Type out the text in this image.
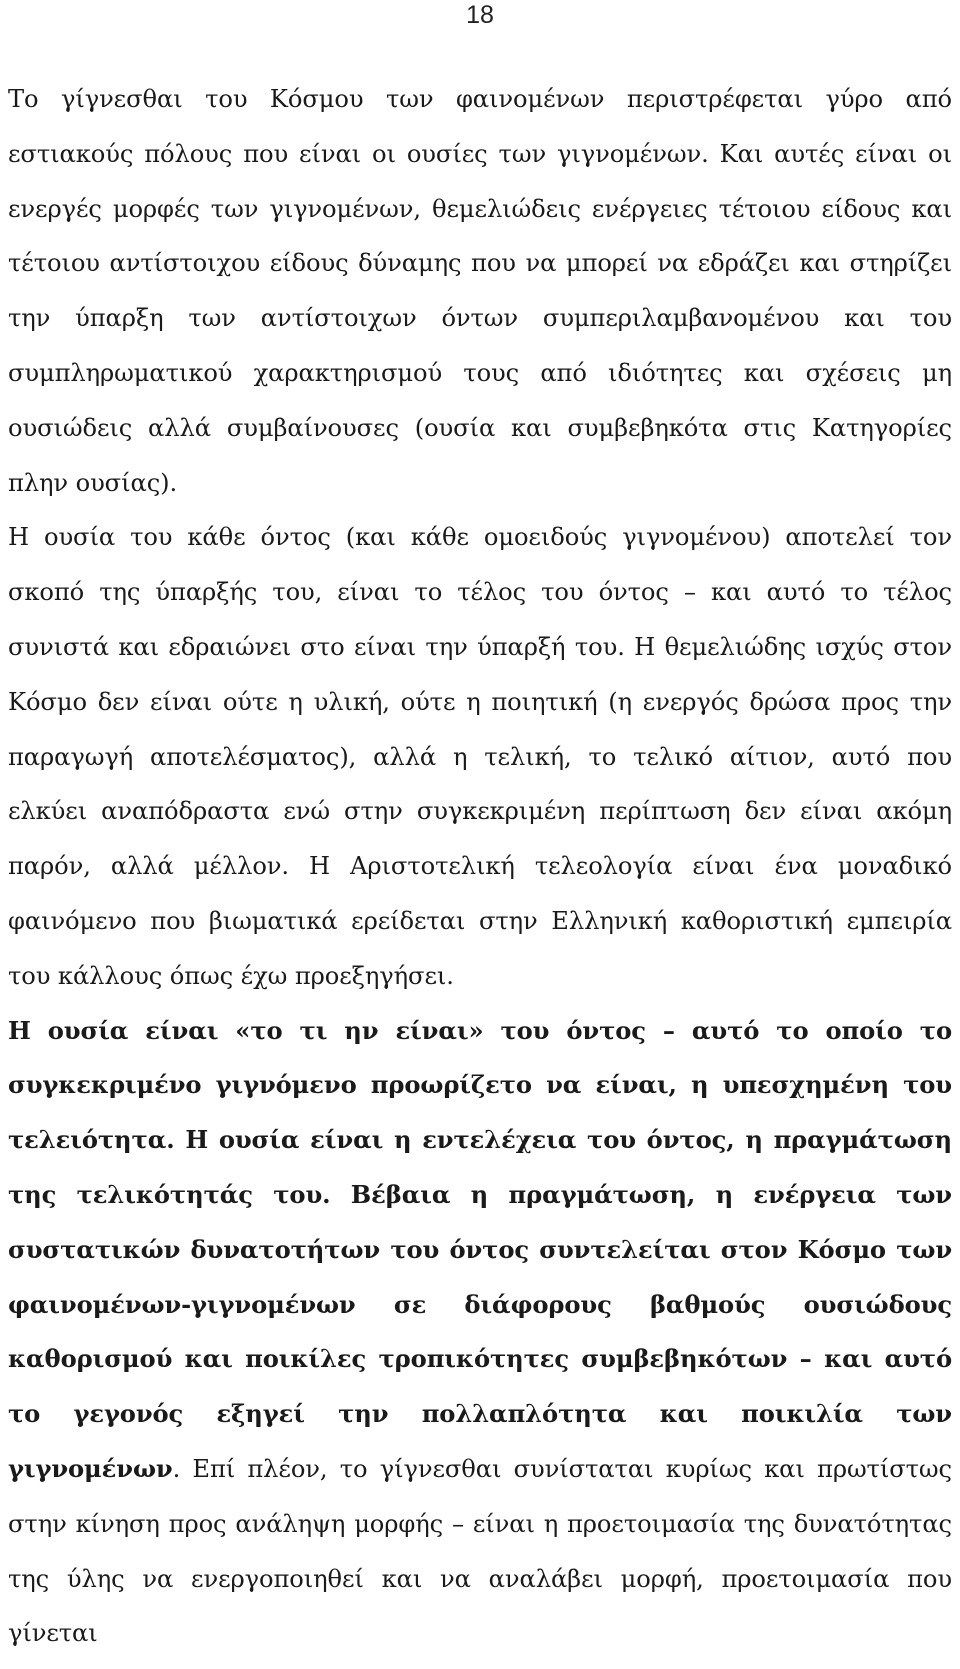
18

Το γίγνεσθαι του Κόσμου των φαινομένων περιστρέφεται γύρο από εστιακούς πόλους που είναι οι ουσίες των γιγνομένων. Και αυτές είναι οι ενεργές μορφές των γιγνομένων, θεμελιώδεις ενέργειες τέτοιου είδους και τέτοιου αντίστοιχου είδους δύναμης που να μπορεί να εδράζει και στηρίζει την ύπαρξη των αντίστοιχων όντων συμπεριλαμβανομένου και του συμπληρωματικού χαρακτηρισμού τους από ιδιότητες και σχέσεις μη ουσιώδεις αλλά συμβαίνουσες (ουσία και συμβεβηκότα στις Κατηγορίες πλην ουσίας).

Η ουσία του κάθε όντος (και κάθε ομοειδούς γιγνομένου) αποτελεί τον σκοπό της ύπαρξής του, είναι το τέλος του όντος – και αυτό το τέλος συνιστά και εδραιώνει στο είναι την ύπαρξή του. Η θεμελιώδης ισχύς στον Κόσμο δεν είναι ούτε η υλική, ούτε η ποιητική (η ενεργός δρώσα προς την παραγωγή αποτελέσματος), αλλά η τελική, το τελικό αίτιον, αυτό που ελκύει αναπόδραστα ενώ στην συγκεκριμένη περίπτωση δεν είναι ακόμη παρόν, αλλά μέλλον. Η Αριστοτελική τελεολογία είναι ένα μοναδικό φαινόμενο που βιωματικά ερείδεται στην Ελληνική καθοριστική εμπειρία του κάλλους όπως έχω προεξηγήσει.

Η ουσία είναι «το τι ην είναι» του όντος – αυτό το οποίο το συγκεκριμένο γιγνόμενο προωρίζετο να είναι, η υπεσχημένη του τελειότητα. Η ουσία είναι η εντελέχεια του όντος, η πραγμάτωση της τελικότητάς του. Βέβαια η πραγμάτωση, η ενέργεια των συστατικών δυνατοτήτων του όντος συντελείται στον Κόσμο των φαινομένων-γιγνομένων σε διάφορους βαθμούς ουσιώδους καθορισμού και ποικίλες τροπικότητες συμβεβηκότων – και αυτό το γεγονός εξηγεί την πολλαπλότητα και ποικιλία των γιγνομένων. Επί πλέον, το γίγνεσθαι συνίσταται κυρίως και πρωτίστως στην κίνηση προς ανάληψη μορφής – είναι η προετοιμασία της δυνατότητας της ύλης να ενεργοποιηθεί και να αναλάβει μορφή, προετοιμασία που γίνεται
